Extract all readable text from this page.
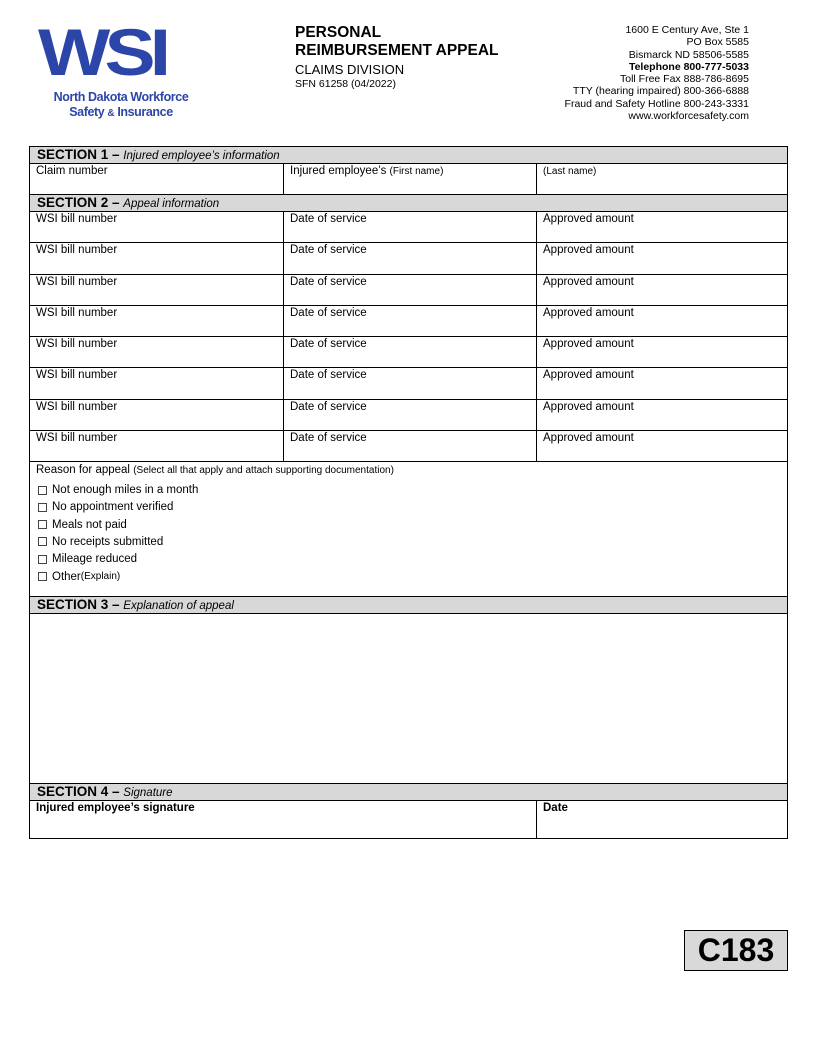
WSI
North Dakota Workforce
Safety & Insurance
PERSONAL
REIMBURSEMENT APPEAL
CLAIMS DIVISION
SFN 61258 (04/2022)
1600 E Century Ave, Ste 1
PO Box 5585
Bismarck ND 58506-5585
Telephone 800-777-5033
Toll Free Fax 888-786-8695
TTY (hearing impaired) 800-366-6888
Fraud and Safety Hotline 800-243-3331
www.workforcesafety.com
SECTION 1 – Injured employee’s information
Claim number	Injured employee’s (First name)	(Last name)
SECTION 2 – Appeal information
WSI bill number	Date of service	Approved amount
WSI bill number	Date of service	Approved amount
WSI bill number	Date of service	Approved amount
WSI bill number	Date of service	Approved amount
WSI bill number	Date of service	Approved amount
WSI bill number	Date of service	Approved amount
WSI bill number	Date of service	Approved amount
WSI bill number	Date of service	Approved amount
Reason for appeal (Select all that apply and attach supporting documentation)
Not enough miles in a month
No appointment verified
Meals not paid
No receipts submitted
Mileage reduced
Other (Explain)
SECTION 3 – Explanation of appeal
SECTION 4 – Signature
Injured employee’s signature	Date
C183
